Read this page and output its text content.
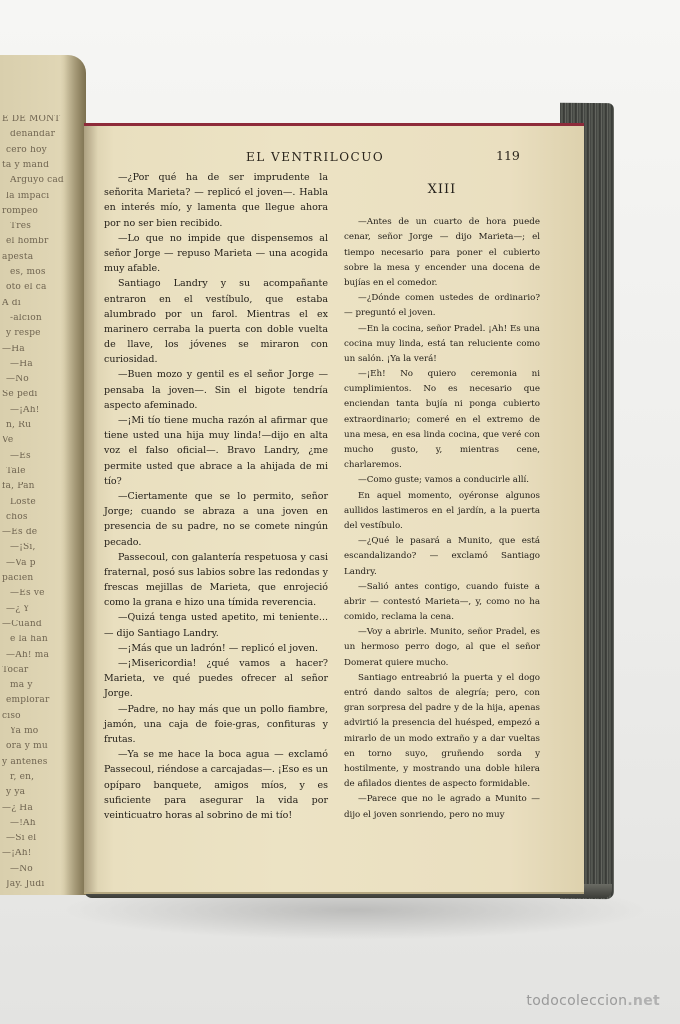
E DE MONT
denandar
cero hoy
ta y mand
Arguyó cad
la impaci
rompeo
Tres
el hombr
apesta
es, mos
oto el ca
A di
-alcion
y respe
—Ha
—Ha
—No
Se pedi
—¡Ah!
n, Ru
Ve
—Es
Tale
fa, Pan
Loste
chos
—Es de
—¡Si,
—Va p
pacien
—Es ve
—¿ Y
—Cuand
e la han
—Ah! ma
Tocar
ma y
emplorar
ciso
Ya mo
ora y mu
y antenes
r, en,
y ya
—¿ Ha
—!Ah
—Si el
—¡Ah!
—No
Jay. Judi
EL VENTRILOCUO	119

—¿Por qué ha de ser imprudente la señorita Marieta? — replicó el joven—. Habla en interés mío, y lamenta que llegue ahora por no ser bien recibido.

—Lo que no impide que dispensemos al señor Jorge — repuso Marieta — una acogida muy afable.

Santiago Landry y su acompañante entraron en el vestíbulo, que estaba alumbrado por un farol. Mientras el ex marinero cerraba la puerta con doble vuelta de llave, los jóvenes se miraron con curiosidad.

—Buen mozo y gentil es el señor Jorge — pensaba la joven—. Sin el bigote tendría aspecto afeminado.

—¡Mi tío tiene mucha razón al afirmar que tiene usted una hija muy linda!—dijo en alta voz el falso oficial—. Bravo Landry, ¿me permite usted que abrace a la ahijada de mi tío?

—Ciertamente que se lo permito, señor Jorge; cuando se abraza a una joven en presencia de su padre, no se comete ningún pecado.

Passecoul, con galantería respetuosa y casi fraternal, posó sus labios sobre las redondas y frescas mejillas de Marieta, que enrojeció como la grana e hizo una tímida reverencia.

—Quizá tenga usted apetito, mi teniente... — dijo Santiago Landry.

—¡Más que un ladrón! — replicó el joven.

—¡Misericordia! ¿qué vamos a hacer? Marieta, ve qué puedes ofrecer al señor Jorge.

—Padre, no hay más que un pollo fiambre, jamón, una caja de foie-gras, confituras y frutas.

—Ya se me hace la boca agua — exclamó Passecoul, riéndose a carcajadas—. ¡Eso es un opíparo banquete, amigos míos, y es suficiente para asegurar la vida por veinticuatro horas al sobrino de mi tío!

XIII

—Antes de un cuarto de hora puede cenar, señor Jorge — dijo Marieta—; el tiempo necesario para poner el cubierto sobre la mesa y encender una docena de bujías en el comedor.

—¿Dónde comen ustedes de ordinario? — preguntó el joven.

—En la cocina, señor Pradel. ¡Ah! Es una cocina muy linda, está tan reluciente como un salón. ¡Ya la verá!

—¡Eh! No quiero ceremonia ni cumplimientos. No es necesario que enciendan tanta bujía ni ponga cubierto extraordinario; comeré en el extremo de una mesa, en esa linda cocina, que veré con mucho gusto, y, mientras cene, charlaremos.

—Como guste; vamos a conducirle allí.

En aquel momento, oyéronse algunos aullidos lastimeros en el jardín, a la puerta del vestíbulo.

—¿Qué le pasará a Munito, que está escandalizando? — exclamó Santiago Landry.

—Salió antes contigo, cuando fuiste a abrir — contestó Marieta—, y, como no ha comido, reclama la cena.

—Voy a abrirle. Munito, señor Pradel, es un hermoso perro dogo, al que el señor Domerat quiere mucho.

Santiago entreabrió la puerta y el dogo entró dando saltos de alegría; pero, con gran sorpresa del padre y de la hija, apenas advirtió la presencia del huésped, empezó a mirarlo de un modo extraño y a dar vueltas en torno suyo, gruñendo sorda y hostilmente, y mostrando una doble hilera de afilados dientes de aspecto formidable.

—Parece que no le agrado a Munito —dijo el joven sonriendo, pero no muy

todocoleccion.net
